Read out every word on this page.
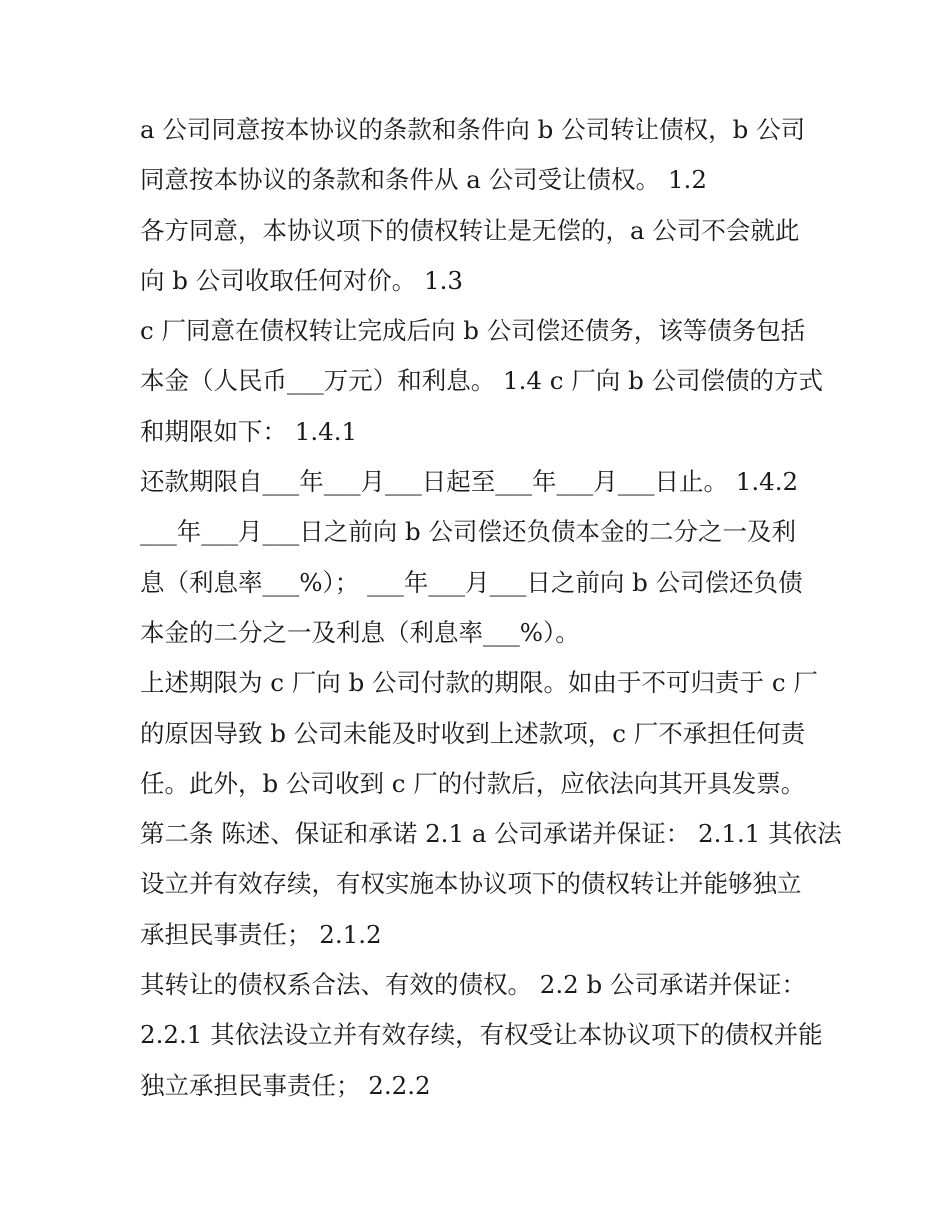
a 公司同意按本协议的条款和条件向 b 公司转让债权，b 公司
同意按本协议的条款和条件从 a 公司受让债权。 1.2
各方同意，本协议项下的债权转让是无偿的，a 公司不会就此
向 b 公司收取任何对价。 1.3
c 厂同意在债权转让完成后向 b 公司偿还债务，该等债务包括
本金（人民币___万元）和利息。 1.4 c 厂向 b 公司偿债的方式
和期限如下： 1.4.1
还款期限自___年___月___日起至___年___月___日止。 1.4.2
___年___月___日之前向 b 公司偿还负债本金的二分之一及利
息（利息率___%）； ___年___月___日之前向 b 公司偿还负债
本金的二分之一及利息（利息率___%）。
上述期限为 c 厂向 b 公司付款的期限。如由于不可归责于 c 厂
的原因导致 b 公司未能及时收到上述款项，c 厂不承担任何责
任。此外，b 公司收到 c 厂的付款后，应依法向其开具发票。
第二条 陈述、保证和承诺 2.1 a 公司承诺并保证： 2.1.1 其依法
设立并有效存续，有权实施本协议项下的债权转让并能够独立
承担民事责任； 2.1.2
其转让的债权系合法、有效的债权。 2.2 b 公司承诺并保证：
2.2.1 其依法设立并有效存续，有权受让本协议项下的债权并能
独立承担民事责任； 2.2.2
